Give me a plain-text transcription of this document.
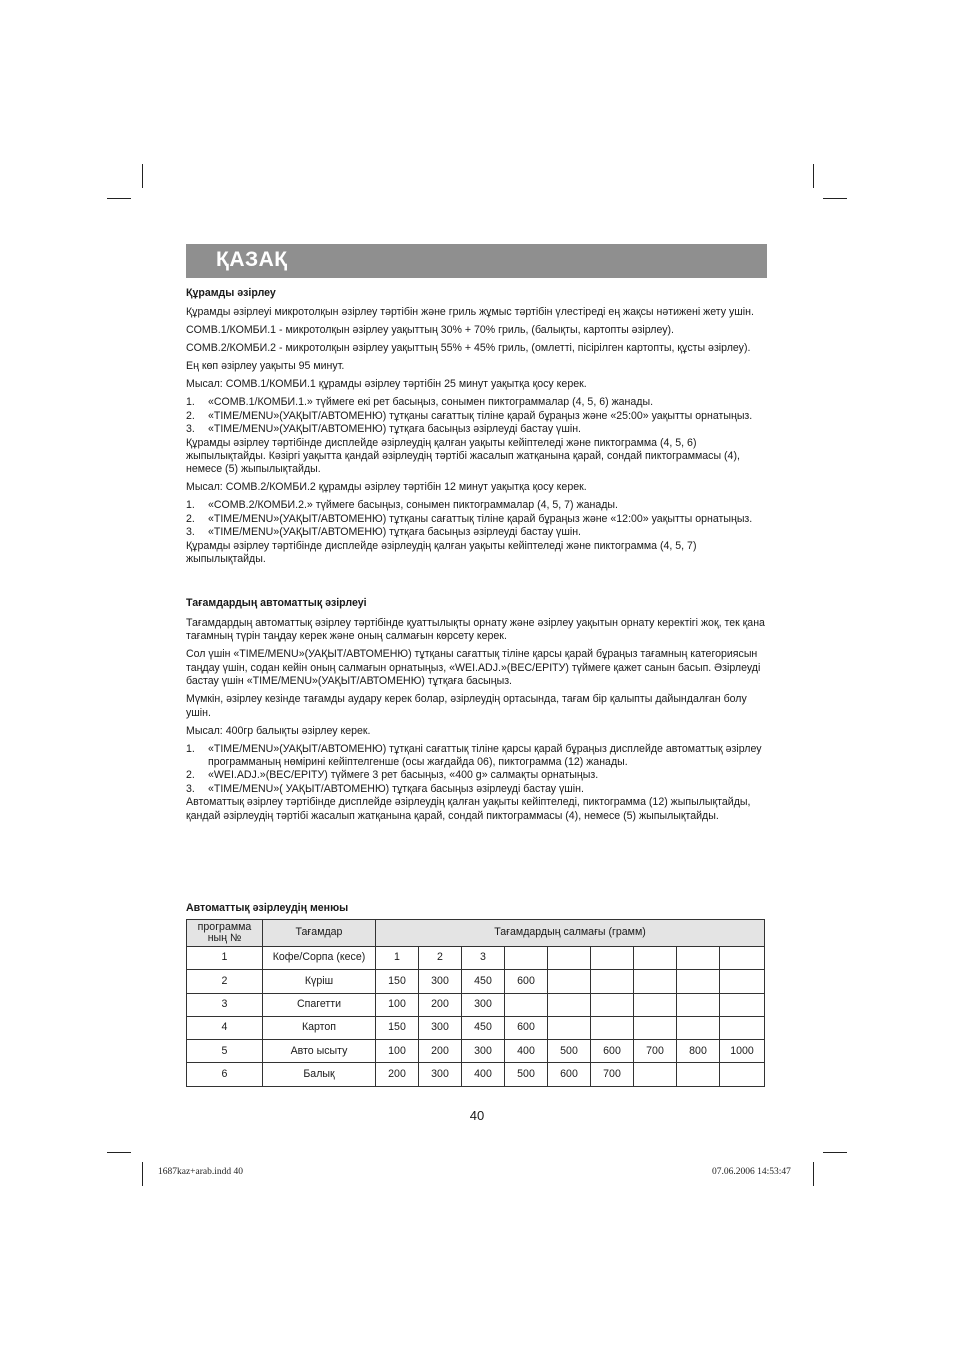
ҚАЗАҚ
Құрамды әзірлеу

Құрамды әзірлеуі микротолқын әзірлеу тәртібін және гриль жұмыс тәртібін үлестіреді ең жақсы нәтижені жету ушін.

COMB.1/КОМБИ.1 - микротолқын әзірлеу уақыттың 30% + 70% гриль, (балықты, картопты әзірлеу).

COMB.2/КОМБИ.2 - микротолқын әзірлеу уақыттың 55% + 45% гриль, (омлетті, пісірілген картопты, құсты әзірлеу).

Ең көп әзірлеу уақыты 95 минут.

Мысал: COMB.1/КОМБИ.1 құрамды әзірлеу тәртібін 25 минут уақытқа қосу керек.

1.	«COMB.1/КОМБИ.1.» түймеге екі рет басыңыз, сонымен пиктограммалар (4, 5, 6) жанады.
2.	«TIME/MENU»(УАҚЫТ/АВТОМЕНЮ) тұтқаны сағаттық тіліне қарай бұраңыз және «25:00» уақытты орнатыңыз.
3.	«TIME/MENU»(УАҚЫТ/АВТОМЕНЮ) тұтқаға басыңыз әзірлеуді бастау үшін.
Құрамды әзірлеу тәртібінде дисплейде әзірлеудің қалған уақыты кейіптеледі және пиктограмма (4, 5, 6) жыпылықтайды. Кәзіргі уақытта қандай әзірлеудің тәртібі жасалып жатқанына қарай, сондай пиктограммасы (4), немесе (5) жыпылықтайды.

Мысал: COMB.2/КОМБИ.2 құрамды әзірлеу тәртібін 12 минут уақытқа қосу керек.

1.	«COMB.2/КОМБИ.2.» түймеге басыңыз, сонымен пиктограммалар (4, 5, 7) жанады.
2.	«TIME/MENU»(УАҚЫТ/АВТОМЕНЮ) тұтқаны сағаттық тіліне қарай бұраңыз және «12:00» уақытты орнатыңыз.
3.	«TIME/MENU»(УАҚЫТ/АВТОМЕНЮ) тұтқаға басыңыз әзірлеуді бастау үшін.
Құрамды әзірлеу тәртібінде дисплейде әзірлеудің қалған уақыты кейіптеледі және пиктограмма (4, 5, 7) жыпылықтайды.
Тағамдардың автоматтық әзірлеуі

Тағамдардың автоматтық әзірлеу тәртібінде қуаттылықты орнату және әзірлеу уақытын орнату керектігі жоқ, тек қана тағамның түрін таңдау керек және оның салмағын көрсету керек.

Сол үшін «TIME/MENU»(УАҚЫТ/АВТОМЕНЮ) тұтқаны сағаттық тіліне қарсы қарай бұраңыз тағамның категориясын таңдау үшін, содан кейін оның салмағын орнатыңыз, «WEI.ADJ.»(ВЕС/ЕРІТУ) түймеге қажет санын басып. Әзірлеуді бастау үшін «TIME/MENU»(УАҚЫТ/АВТОМЕНЮ) тұтқаға басыңыз.

Мүмкін, әзірлеу кезінде тағамды аудару керек болар, әзірлеудің ортасында, тағам бір қалыпты дайындалған болу ушін.

Мысал: 400гр балықты әзірлеу керек.

1.	«TIME/MENU»(УАҚЫТ/АВТОМЕНЮ) тұтқані сағаттық тіліне қарсы қарай бұраңыз дисплейде автоматтық әзірлеу программаның нөмірині кейіптелгенше (осы жағдайда 06), пиктограмма (12) жанады.
2.	«WEI.ADJ.»(ВЕС/ЕРІТУ) түймеге 3 рет басыңыз, «400 g» салмақты орнатыңыз.
3.	«TIME/MENU»( УАҚЫТ/АВТОМЕНЮ) тұтқаға басыңыз әзірлеуді бастау үшін.
Автоматтық әзірлеу тәртібінде дисплейде әзірлеудің қалған уақыты кейіптеледі, пиктограмма (12) жыпылықтайды, қандай әзірлеудің тәртібі жасалып жатқанына қарай, сондай пиктограммасы (4), немесе (5) жыпылықтайды.
Автоматтық әзірлеудің менюы
программа ның №	Тағамдар	Тағамдардың салмағы (грамм)								
1	Кофе/Сорпа (кесе)	1	2	3						
2	Күріш	150	300	450	600					
3	Спагетти	100	200	300						
4	Картоп	150	300	450	600					
5	Авто ысыту	100	200	300	400	500	600	700	800	1000
6	Балық	200	300	400	500	600	700			
40
1687kaz+arab.indd 40	07.06.2006 14:53:47
